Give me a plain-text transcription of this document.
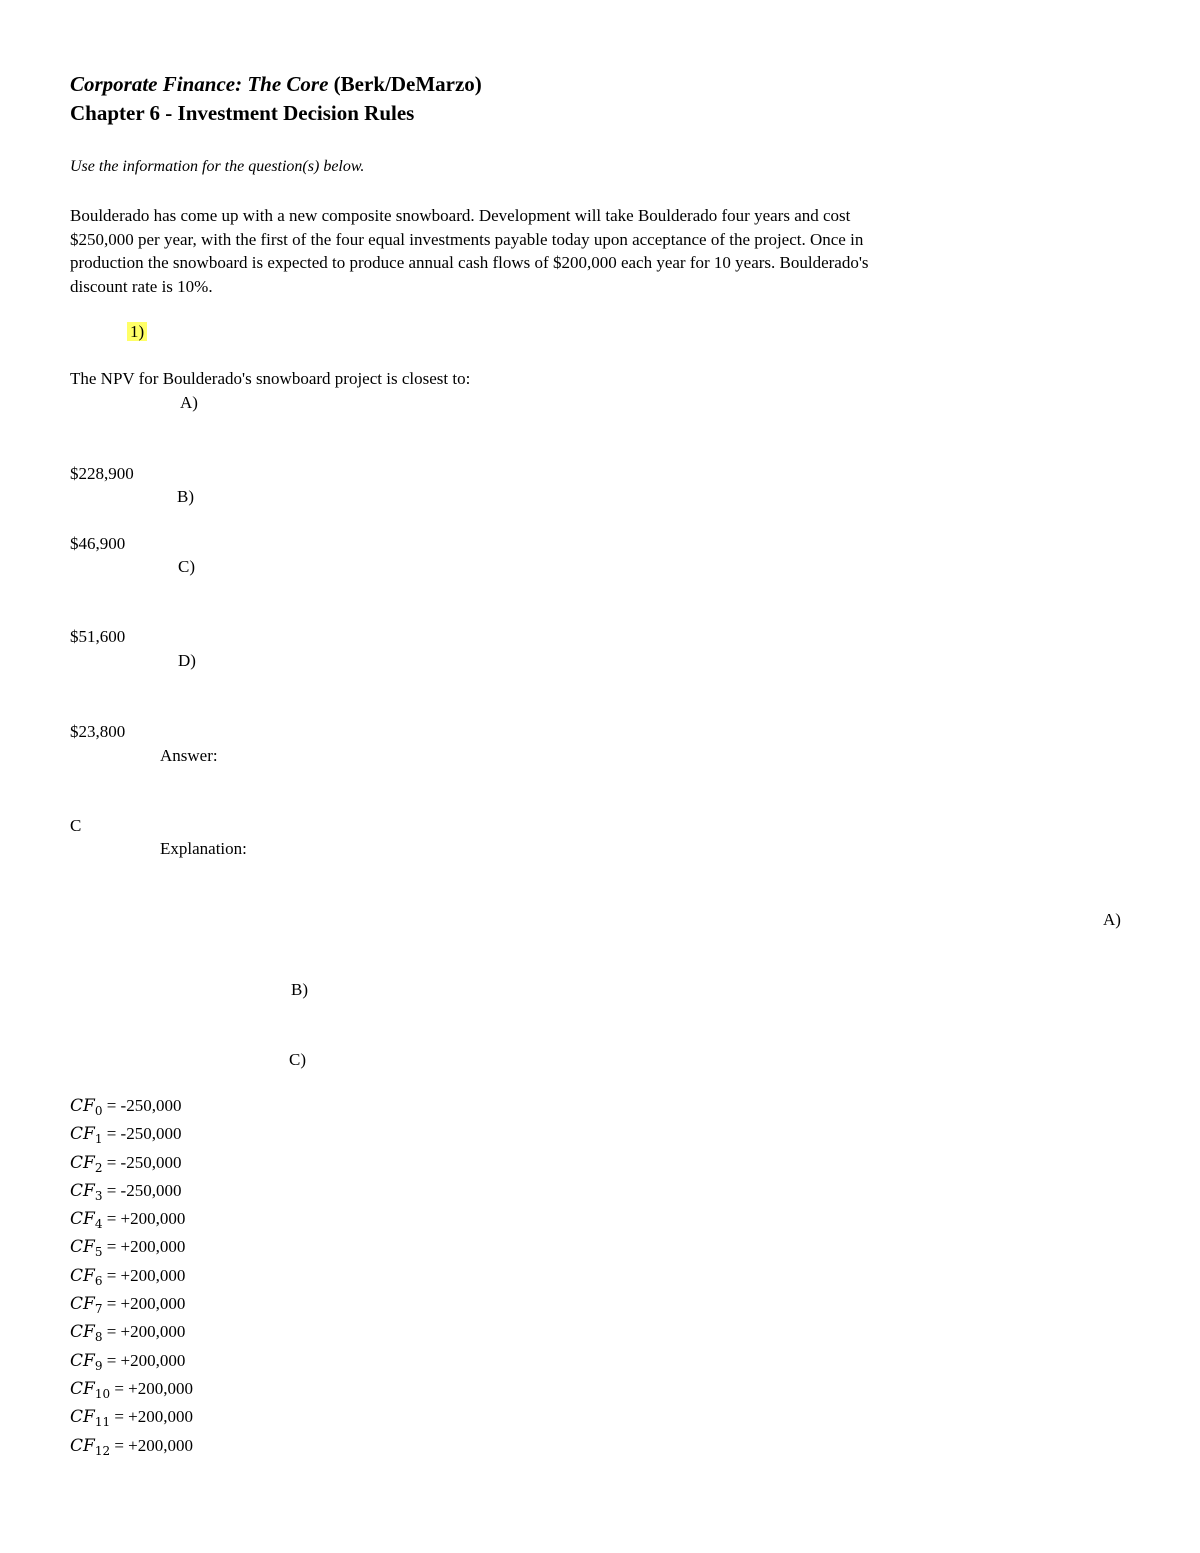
Corporate Finance: The Core (Berk/DeMarzo)
Chapter 6 - Investment Decision Rules
Use the information for the question(s) below.
Boulderado has come up with a new composite snowboard. Development will take Boulderado four years and cost
$250,000 per year, with the first of the four equal investments payable today upon acceptance of the project. Once in
production the snowboard is expected to produce annual cash flows of $200,000 each year for 10 years. Boulderado's
discount rate is 10%.
1)
The NPV for Boulderado's snowboard project is closest to:
A)
$228,900
B)
$46,900
C)
$51,600
D)
$23,800
Answer:
C
Explanation:
A)
B)
C)
$CF_0 = -250,000$
$CF_1 = -250,000$
$CF_2 = -250,000$
$CF_3 = -250,000$
$CF_4 = +200,000$
$CF_5 = +200,000$
$CF_6 = +200,000$
$CF_7 = +200,000$
$CF_8 = +200,000$
$CF_9 = +200,000$
$CF_{10} = +200,000$
$CF_{11} = +200,000$
$CF_{12} = +200,000$
